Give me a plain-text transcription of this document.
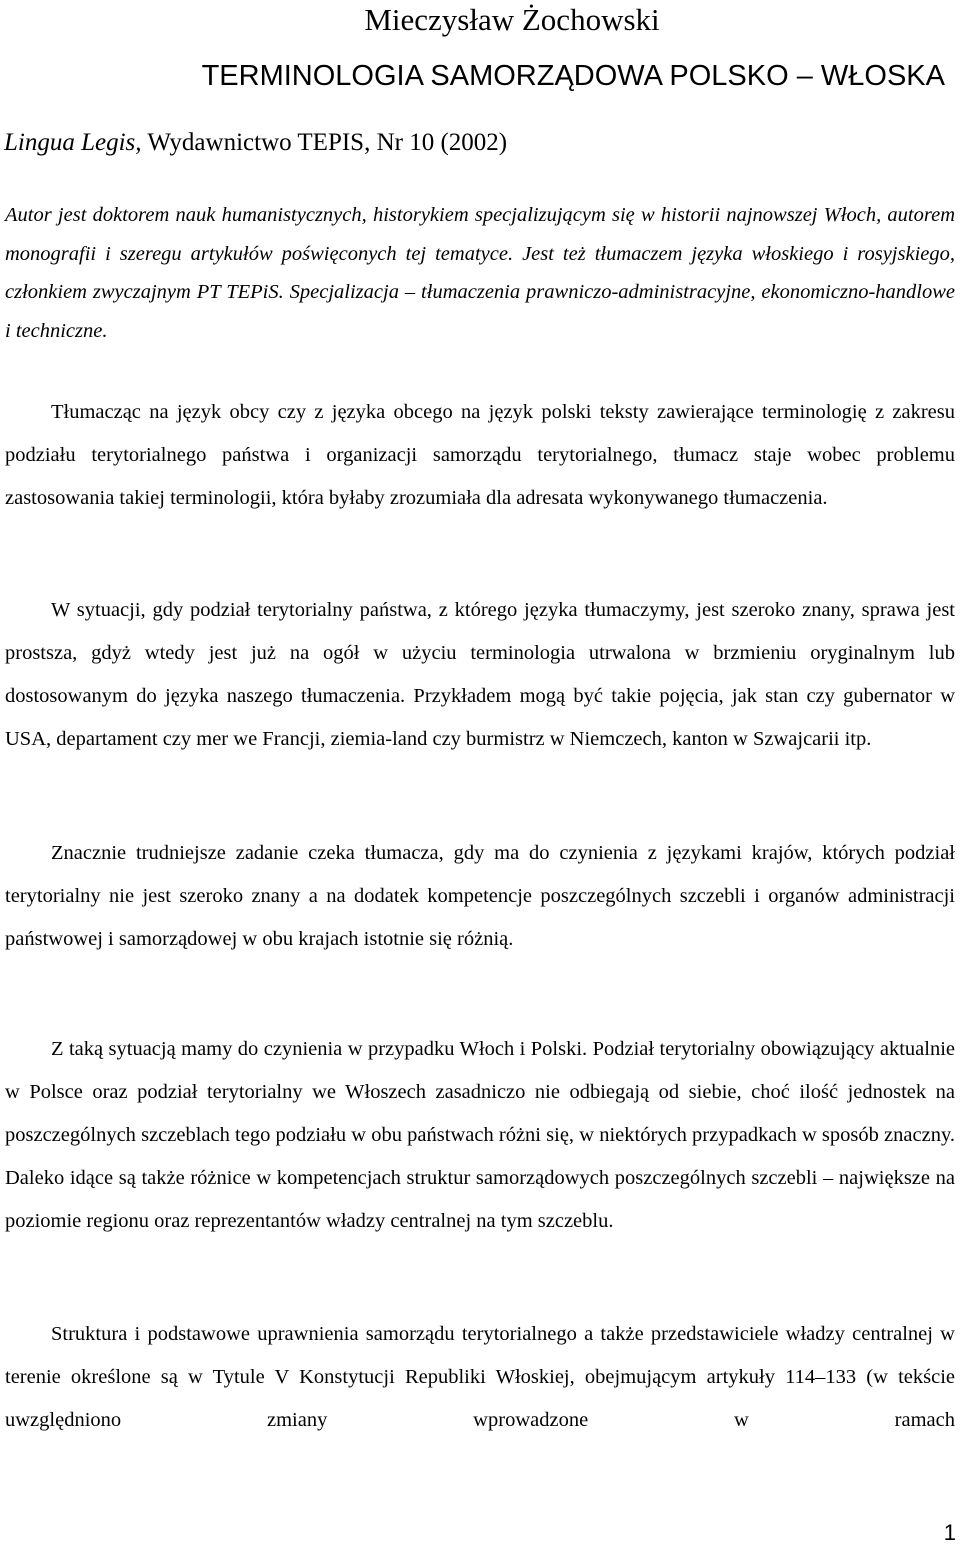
Mieczysław Żochowski
TERMINOLOGIA SAMORZĄDOWA POLSKO – WŁOSKA
Lingua Legis, Wydawnictwo TEPIS, Nr 10 (2002)
Autor jest doktorem nauk humanistycznych, historykiem specjalizującym się w historii najnowszej Włoch, autorem monografii i szeregu artykułów poświęconych tej tematyce. Jest też tłumaczem języka włoskiego i rosyjskiego, członkiem zwyczajnym PT TEPiS. Specjalizacja – tłumaczenia prawniczo-administracyjne, ekonomiczno-handlowe i techniczne.

Tłumacząc na język obcy czy z języka obcego na język polski teksty zawierające terminologię z zakresu podziału terytorialnego państwa i organizacji samorządu terytorialnego, tłumacz staje wobec problemu zastosowania takiej terminologii, która byłaby zrozumiała dla adresata wykonywanego tłumaczenia.

W sytuacji, gdy podział terytorialny państwa, z którego języka tłumaczymy, jest szeroko znany, sprawa jest prostsza, gdyż wtedy jest już na ogół w użyciu terminologia utrwalona w brzmieniu oryginalnym lub dostosowanym do języka naszego tłumaczenia. Przykładem mogą być takie pojęcia, jak stan czy gubernator w USA, departament czy mer we Francji, ziemia-land czy burmistrz w Niemczech, kanton w Szwajcarii itp.

Znacznie trudniejsze zadanie czeka tłumacza, gdy ma do czynienia z językami krajów, których podział terytorialny nie jest szeroko znany a na dodatek kompetencje poszczególnych szczebli i organów administracji państwowej i samorządowej w obu krajach istotnie się różnią.

Z taką sytuacją mamy do czynienia w przypadku Włoch i Polski. Podział terytorialny obowiązujący aktualnie w Polsce oraz podział terytorialny we Włoszech zasadniczo nie odbiegają od siebie, choć ilość jednostek na poszczególnych szczeblach tego podziału w obu państwach różni się, w niektórych przypadkach w sposób znaczny. Daleko idące są także różnice w kompetencjach struktur samorządowych poszczególnych szczebli – największe na poziomie regionu oraz reprezentantów władzy centralnej na tym szczeblu.

Struktura i podstawowe uprawnienia samorządu terytorialnego a także przedstawiciele władzy centralnej w terenie określone są w Tytule V Konstytucji Republiki Włoskiej, obejmującym artykuły 114–133 (w tekście uwzględniono zmiany wprowadzone w ramach

1
